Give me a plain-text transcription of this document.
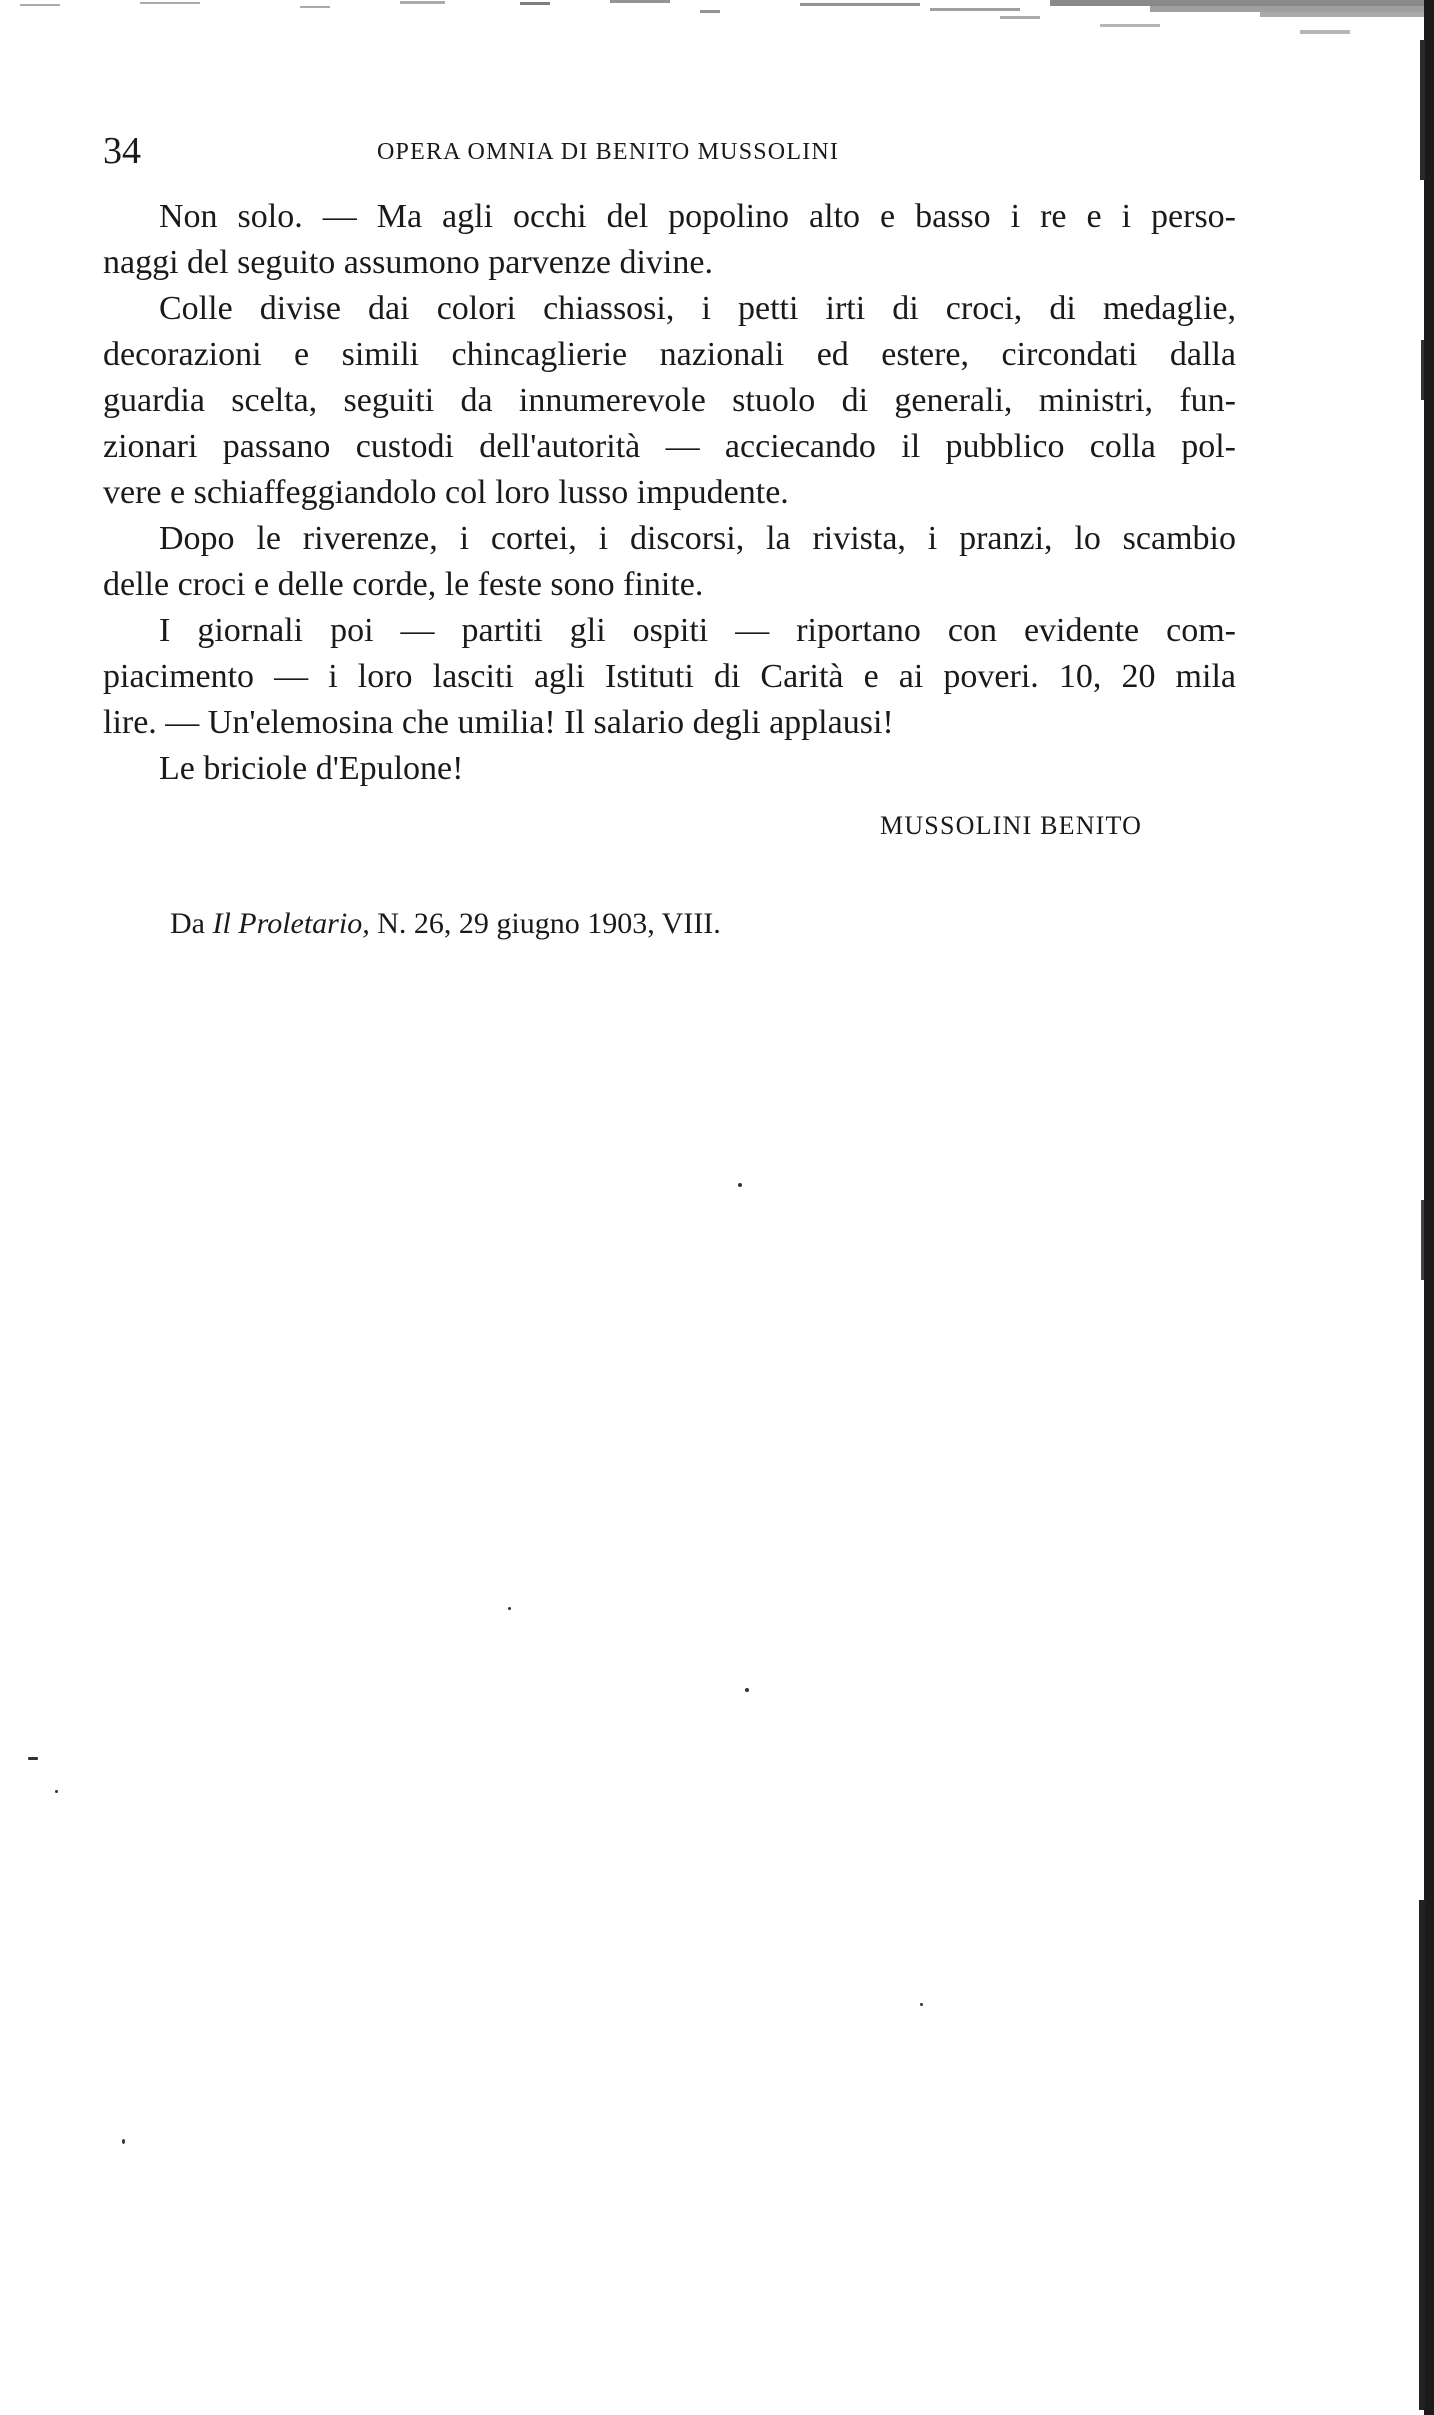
34	OPERA OMNIA DI BENITO MUSSOLINI
Non solo. — Ma agli occhi del popolino alto e basso i re e i perso-
naggi del seguito assumono parvenze divine.
Colle divise dai colori chiassosi, i petti irti di croci, di medaglie,
decorazioni e simili chincaglierie nazionali ed estere, circondati dalla
guardia scelta, seguiti da innumerevole stuolo di generali, ministri, fun-
zionari passano custodi dell'autorità — acciecando il pubblico colla pol-
vere e schiaffeggiandolo col loro lusso impudente.
Dopo le riverenze, i cortei, i discorsi, la rivista, i pranzi, lo scambio
delle croci e delle corde, le feste sono finite.
I giornali poi — partiti gli ospiti — riportano con evidente com-
piacimento — i loro lasciti agli Istituti di Carità e ai poveri. 10, 20 mila
lire. — Un'elemosina che umilia! Il salario degli applausi!
Le briciole d'Epulone!
MUSSOLINI BENITO
Da Il Proletario, N. 26, 29 giugno 1903, VIII.
